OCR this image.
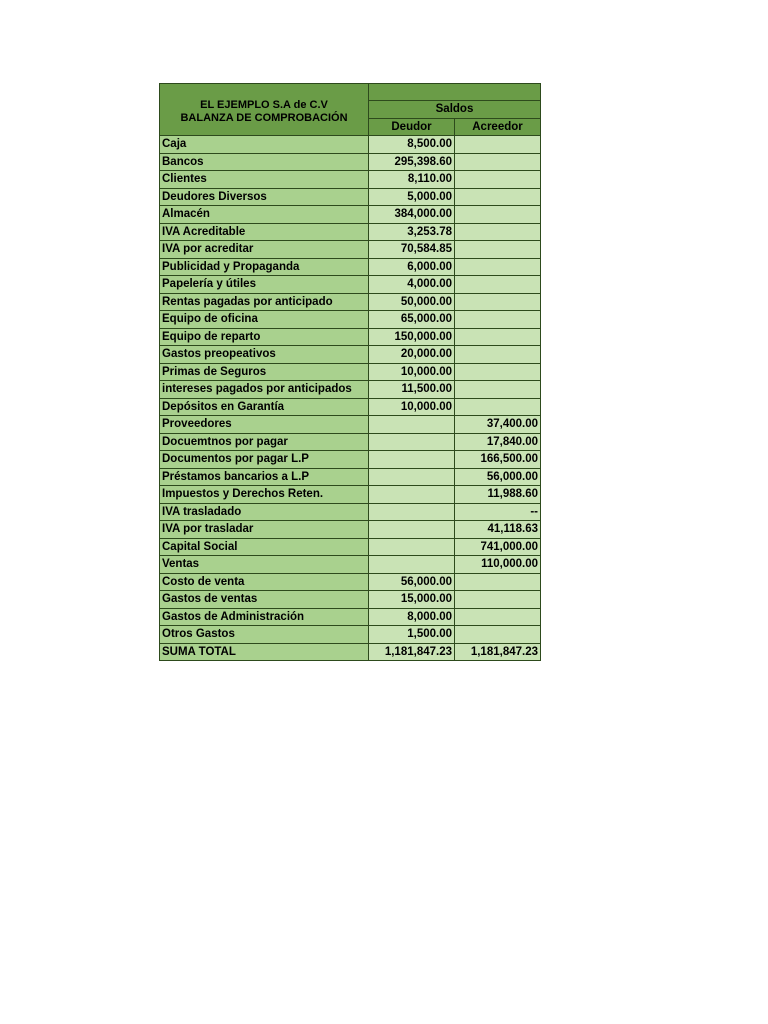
EL EJEMPLO S.A de C.V
BALANZA DE COMPROBACIÓN		
	Saldos	
	Deudor	Acreedor
Caja	8,500.00	
Bancos	295,398.60	
Clientes	8,110.00	
Deudores Diversos	5,000.00	
Almacén	384,000.00	
IVA Acreditable	3,253.78	
IVA por acreditar	70,584.85	
Publicidad y Propaganda	6,000.00	
Papelería y útiles	4,000.00	
Rentas pagadas por anticipado	50,000.00	
Equipo de oficina	65,000.00	
Equipo de reparto	150,000.00	
Gastos preopeativos	20,000.00	
Primas de Seguros	10,000.00	
intereses pagados por anticipados	11,500.00	
Depósitos en Garantía	10,000.00	
Proveedores		37,400.00
Docuemtnos por pagar		17,840.00
Documentos por pagar L.P		166,500.00
Préstamos bancarios a L.P		56,000.00
Impuestos y Derechos Reten.		11,988.60
IVA trasladado		--
IVA por trasladar		41,118.63
Capital Social		741,000.00
Ventas		110,000.00
Costo de venta	56,000.00	
Gastos de ventas	15,000.00	
Gastos de Administración	8,000.00	
Otros Gastos	1,500.00	
SUMA TOTAL	1,181,847.23	1,181,847.23
